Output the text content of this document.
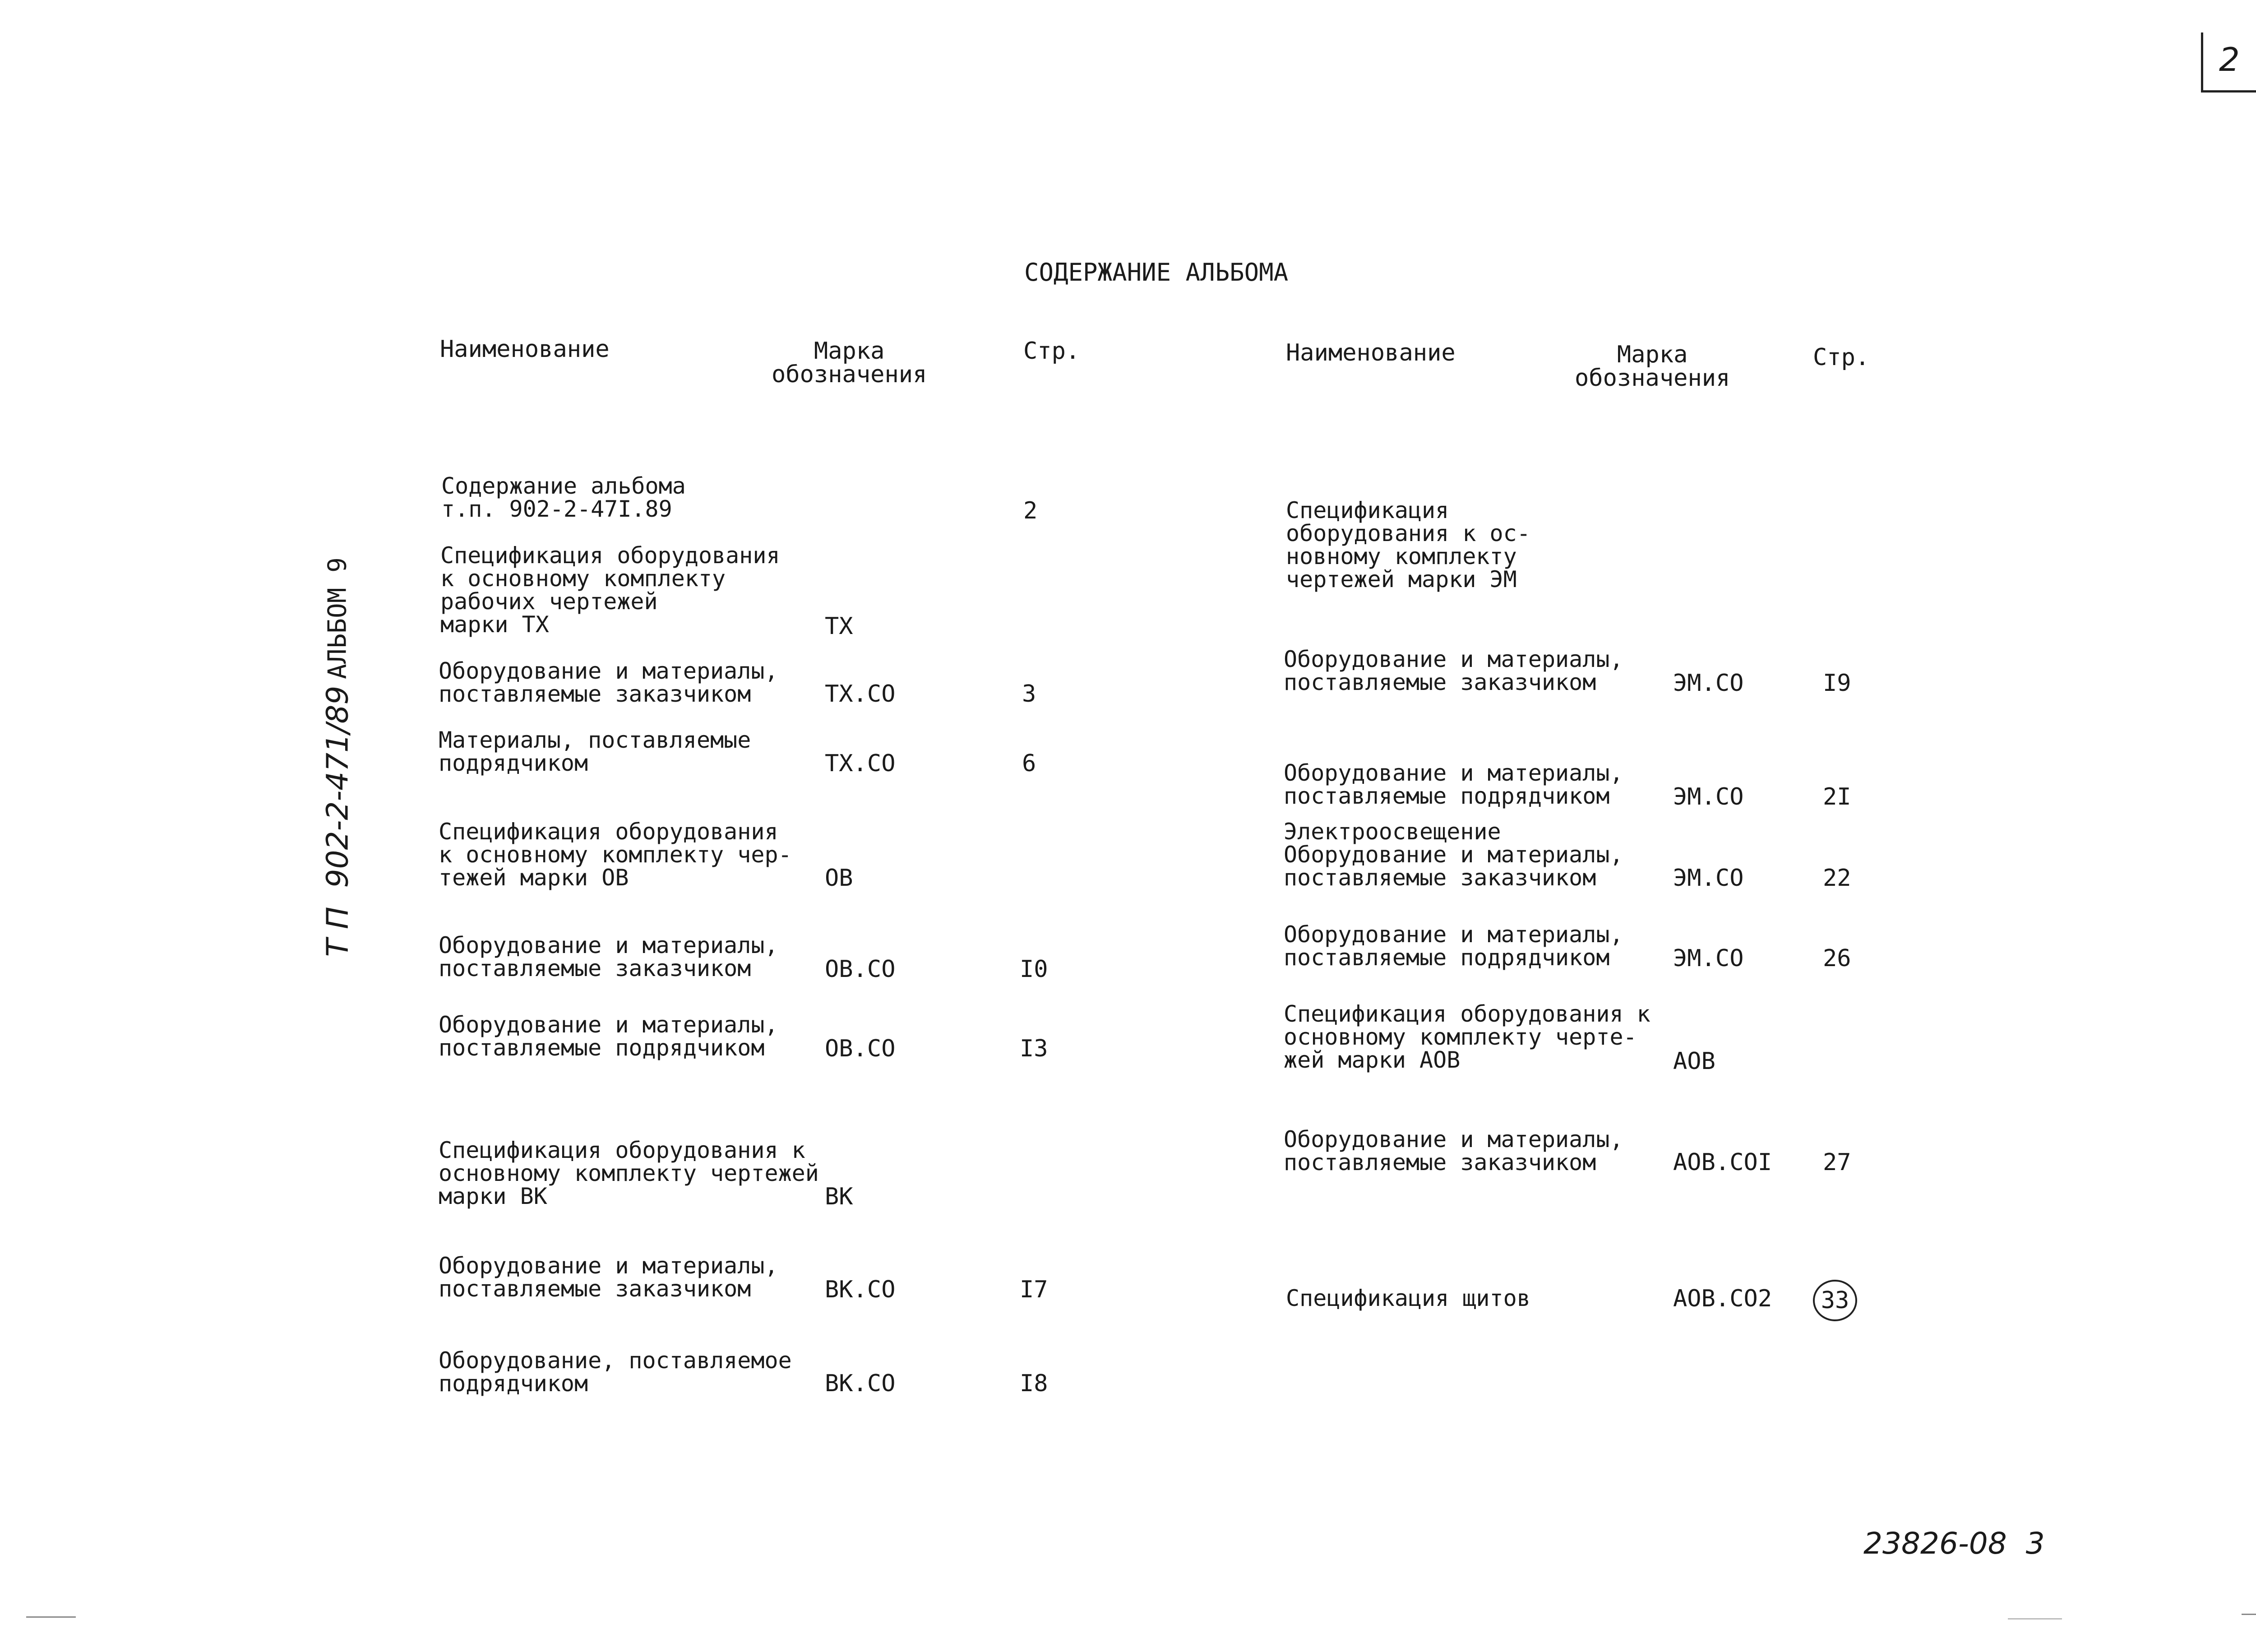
2
СОДЕРЖАНИЕ АЛЬБОМА
Т П  902-2-471/89
АЛЬБОМ 9
Наименование	Марка
обозначения
Стр.	Наименование	Марка
обозначения
Стр.
Содержание альбома
т.п. 902-2-47I.89	2
Спецификация оборудования
к основному комплекту
рабочих чертежей
марки ТХ	ТХ
Оборудование и материалы,
поставляемые заказчиком	ТХ.СО	3
Материалы, поставляемые
подрядчиком	ТХ.СО	6
Спецификация оборудования
к основному комплекту чер-
тежей марки ОВ	ОВ
Оборудование и материалы,
поставляемые заказчиком	ОВ.СО	I0
Оборудование и материалы,
поставляемые подрядчиком	ОВ.СО	I3
Спецификация оборудования к
основному комплекту чертежей
марки ВК	ВК
Оборудование и материалы,
поставляемые заказчиком	ВК.СО	I7
Оборудование, поставляемое
подрядчиком	ВК.СО	I8
Спецификация
оборудования к ос-
новному комплекту
чертежей марки ЭМ
Оборудование и материалы,
поставляемые заказчиком	ЭМ.СО	I9
Оборудование и материалы,
поставляемые подрядчиком	ЭМ.СО	2I
Электроосвещение
Оборудование и материалы,
поставляемые заказчиком	ЭМ.СО	22
Оборудование и материалы,
поставляемые подрядчиком	ЭМ.СО	26
Спецификация оборудования к
основному комплекту черте-
жей марки АОВ	АОВ
Оборудование и материалы,
поставляемые заказчиком	АОВ.СОI 27
Спецификация щитов	АОВ.СО2 33
23826-08  3
